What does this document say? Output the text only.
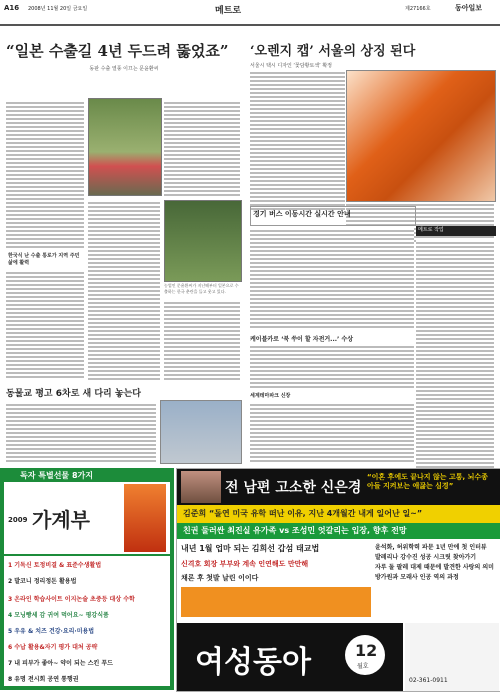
A16 2008년 11월 20일 금요일	메트로	제27166호	동아일보
“일본 수출길 4년 두드려 뚫었죠”
동판 수출 열풍 이끄는 문윤환씨
한국식 난 수출 통로가 지역 주민 삶에 활력
농업인 문윤환씨가 지난해부터 일본으로 수출하는 한국 춘란을 들고 웃고 있다.
동물교 평고 6차로 새 다리 놓는다
‘오렌지 캡’ 서울의 상징 된다
서울시 택시 디자인 ‘꽃담황토색’ 확정
경기 버스 이동시간 실시간 안내
메트로 작업
케이블카로 ‘북 쑤이 할 자전거...’ 수상
세계테마파크 신장
독자 특별선물 8가지
2009 가계부
1 기독신 토정비결 & 표준수생활법
2 발코니 정리정돈 활용법
3 온라인 학습사이트 이지논술 초중등 대상 수학
4 모닝빵세 감 귀여 먹어요~ 평강식품
5 우유 & 치즈 건강·요리·미용법
6 수납 활용&자기 평가 대처 공략
7 내 피부가 좋아~ 약이 되는 스킨 푸드
8 유명 전시회 공연 통행권
전 남편 고소한 신은경
“이혼 후에도 끝나지 않는 고통, 뇌수종 아들 지켜보는 애끓는 심경”
김준희 “돌연 미국 유학 떠난 이유, 지난 4개월간 내게 일어난 일~”
친권 둘러싼 최진실 유가족 vs 조성민 엇갈리는 입장, 향후 전망
내년 1월 업마 되는 김희선 갑섬 태교법
신격호 회장 부부와 계속 인연해도 만만해
채론 후 첫발 날린 이이다
윤석화, 허위학력 파문 1년 만에 첫 인터뷰
발레리나 강수진 성공 시크릿 찾아가기
자루 둘 팔레 대제 때문에 발견한 사랑의 의미
방가원과 모래사 인공 역의 과정
여성동아	12
월호
02-361-0911
